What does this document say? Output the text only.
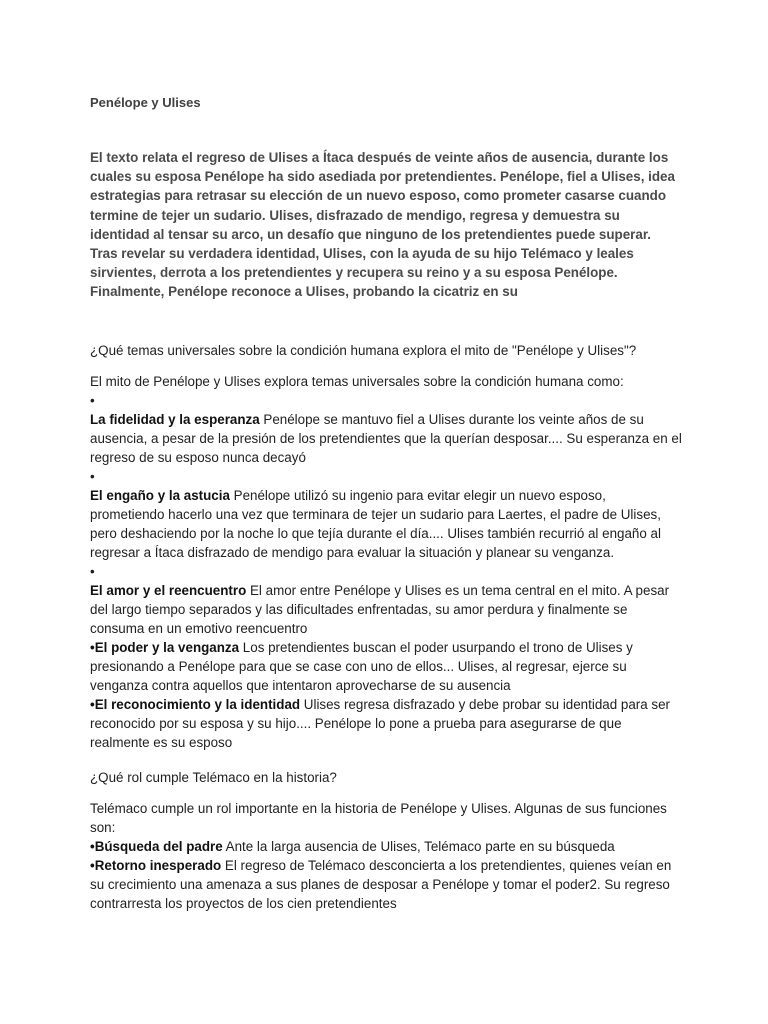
Penélope y Ulises

El texto relata el regreso de Ulises a Ítaca después de veinte años de ausencia, durante los cuales su esposa Penélope ha sido asediada por pretendientes. Penélope, fiel a Ulises, idea estrategias para retrasar su elección de un nuevo esposo, como prometer casarse cuando termine de tejer un sudario. Ulises, disfrazado de mendigo, regresa y demuestra su identidad al tensar su arco, un desafío que ninguno de los pretendientes puede superar. Tras revelar su verdadera identidad, Ulises, con la ayuda de su hijo Telémaco y leales sirvientes, derrota a los pretendientes y recupera su reino y a su esposa Penélope. Finalmente, Penélope reconoce a Ulises, probando la cicatriz en su

¿Qué temas universales sobre la condición humana explora el mito de "Penélope y Ulises"?

El mito de Penélope y Ulises explora temas universales sobre la condición humana como:

•

La fidelidad y la esperanza Penélope se mantuvo fiel a Ulises durante los veinte años de su ausencia, a pesar de la presión de los pretendientes que la querían desposar.... Su esperanza en el regreso de su esposo nunca decayó

•

El engaño y la astucia Penélope utilizó su ingenio para evitar elegir un nuevo esposo, prometiendo hacerlo una vez que terminara de tejer un sudario para Laertes, el padre de Ulises, pero deshaciendo por la noche lo que tejía durante el día.... Ulises también recurrió al engaño al regresar a Ítaca disfrazado de mendigo para evaluar la situación y planear su venganza.

•

El amor y el reencuentro El amor entre Penélope y Ulises es un tema central en el mito. A pesar del largo tiempo separados y las dificultades enfrentadas, su amor perdura y finalmente se consuma en un emotivo reencuentro

•El poder y la venganza Los pretendientes buscan el poder usurpando el trono de Ulises y presionando a Penélope para que se case con uno de ellos... Ulises, al regresar, ejerce su venganza contra aquellos que intentaron aprovecharse de su ausencia

•El reconocimiento y la identidad Ulises regresa disfrazado y debe probar su identidad para ser reconocido por su esposa y su hijo.... Penélope lo pone a prueba para asegurarse de que realmente es su esposo

¿Qué rol cumple Telémaco en la historia?

Telémaco cumple un rol importante en la historia de Penélope y Ulises. Algunas de sus funciones son:

•Búsqueda del padre Ante la larga ausencia de Ulises, Telémaco parte en su búsqueda

•Retorno inesperado El regreso de Telémaco desconcierta a los pretendientes, quienes veían en su crecimiento una amenaza a sus planes de desposar a Penélope y tomar el poder2. Su regreso contrarresta los proyectos de los cien pretendientes
